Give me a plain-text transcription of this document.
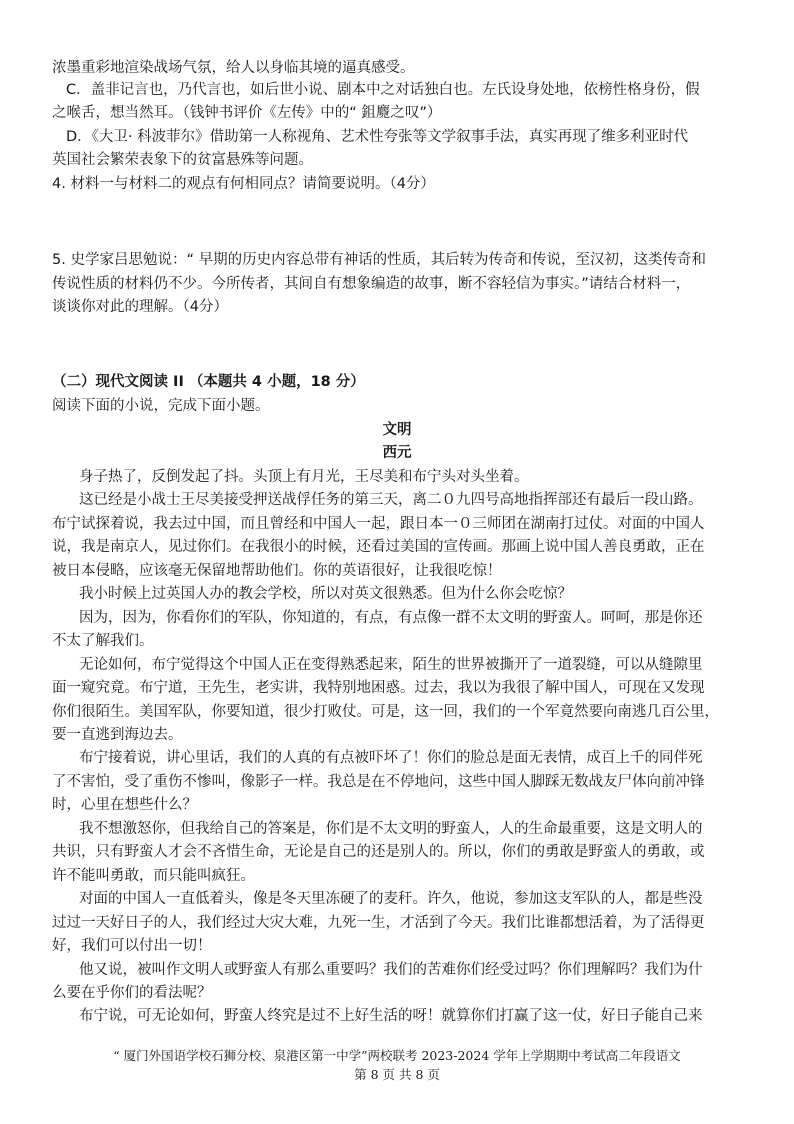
浓墨重彩地渲染战场气氛，给人以身临其境的逼真感受。
C．盖非记言也，乃代言也，如后世小说、剧本中之对话独白也。左氏设身处地，依榜性格身份，假
之喉舌，想当然耳。（钱钟书评价《左传》中的“ 鉏麑之叹”）
D．《大卫· 科波菲尔》借助第一人称视角、艺术性夸张等文学叙事手法，真实再现了维多利亚时代
英国社会繁荣表象下的贫富悬殊等问题。
4. 材料一与材料二的观点有何相同点？请简要说明。（4分）
5. 史学家吕思勉说：“ 早期的历史内容总带有神话的性质，其后转为传奇和传说，至汉初，这类传奇和
传说性质的材料仍不少。今所传者，其间自有想象编造的故事，断不容轻信为事实。”请结合材料一，
谈谈你对此的理解。（4分）
（二）现代文阅读 II （本题共 4 小题，18 分）
阅读下面的小说，完成下面小题。
文明
西元
身子热了，反倒发起了抖。头顶上有月光，王尽美和布宁头对头坐着。
这已经是小战士王尽美接受押送战俘任务的第三天，离二０九四号高地指挥部还有最后一段山路。
布宁试探着说，我去过中国，而且曾经和中国人一起，跟日本一０三师团在湖南打过仗。对面的中国人
说，我是南京人，见过你们。在我很小的时候，还看过美国的宣传画。那画上说中国人善良勇敢，正在
被日本侵略，应该毫无保留地帮助他们。你的英语很好，让我很吃惊！
我小时候上过英国人办的教会学校，所以对英文很熟悉。但为什么你会吃惊？
因为，因为，你看你们的军队，你知道的，有点，有点像一群不太文明的野蛮人。呵呵，那是你还
不太了解我们。
无论如何，布宁觉得这个中国人正在变得熟悉起来，陌生的世界被撕开了一道裂缝，可以从缝隙里
面一窥究竟。布宁道，王先生，老实讲，我特别地困惑。过去，我以为我很了解中国人，可现在又发现
你们很陌生。美国军队，你要知道，很少打败仗。可是，这一回，我们的一个军竟然要向南逃几百公里，
要一直逃到海边去。
布宁接着说，讲心里话，我们的人真的有点被吓坏了！你们的脸总是面无表情，成百上千的同伴死
了不害怕，受了重伤不惨叫，像影子一样。我总是在不停地问，这些中国人脚踩无数战友尸体向前冲锋
时，心里在想些什么？
我不想激怒你，但我给自己的答案是，你们是不太文明的野蛮人，人的生命最重要，这是文明人的
共识，只有野蛮人才会不吝惜生命，无论是自己的还是别人的。所以，你们的勇敢是野蛮人的勇敢，或
许不能叫勇敢，而只能叫疯狂。
对面的中国人一直低着头，像是冬天里冻硬了的麦秆。许久，他说，参加这支军队的人，都是些没
过过一天好日子的人，我们经过大灾大难，九死一生，才活到了今天。我们比谁都想活着，为了活得更
好，我们可以付出一切！
他又说，被叫作文明人或野蛮人有那么重要吗？我们的苦难你们经受过吗？你们理解吗？我们为什
么要在乎你们的看法呢？
布宁说，可无论如何，野蛮人终究是过不上好生活的呀！就算你们打赢了这一仗，好日子能自己来
“ 厦门外国语学校石狮分校、泉港区第一中学”两校联考 2023-2024 学年上学期期中考试高二年段语文
第 8 页 共 8 页
